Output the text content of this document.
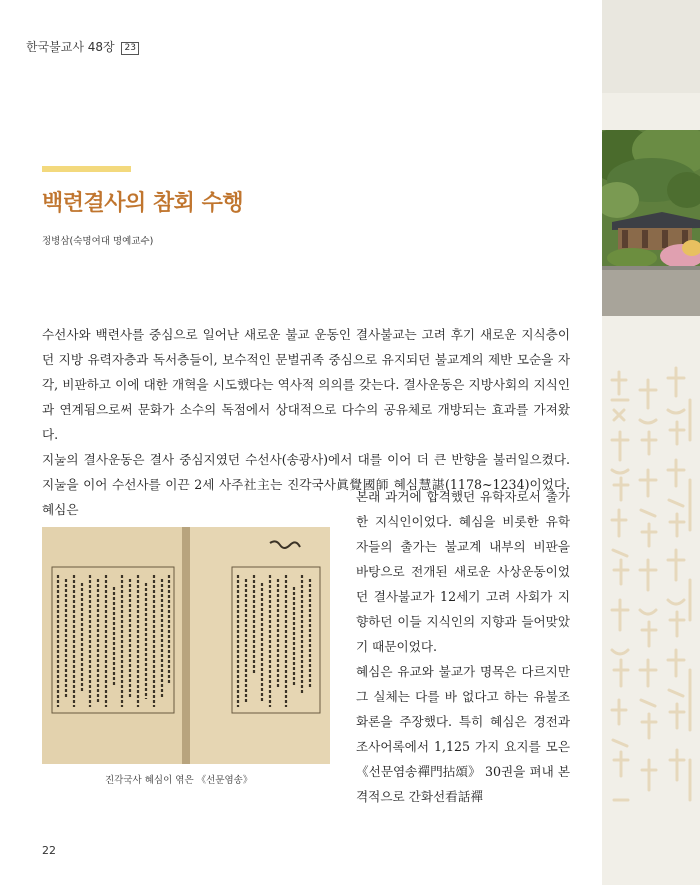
한국불교사 48장 23
백련결사의 참회 수행
정병삼(숙명여대 명예교수)

수선사와 백련사를 중심으로 일어난 새로운 불교 운동인 결사불교는 고려 후기 새로운 지식층이던 지방 유력자층과 독서층들이, 보수적인 문벌귀족 중심으로 유지되던 불교계의 제반 모순을 자각, 비판하고 이에 대한 개혁을 시도했다는 역사적 의의를 갖는다. 결사운동은 지방사회의 지식인과 연계됨으로써 문화가 소수의 독점에서 상대적으로 다수의 공유체로 개방되는 효과를 가져왔다.

지눌의 결사운동은 결사 중심지였던 수선사(송광사)에서 대를 이어 더 큰 반향을 불러일으켰다. 지눌을 이어 수선사를 이끈 2세 사주社主는 진각국사眞覺國師 혜심慧諶(1178~1234)이었다. 혜심은

본래 과거에 합격했던 유학자로서 출가한 지식인이었다. 혜심을 비롯한 유학자들의 출가는 불교계 내부의 비판을 바탕으로 전개된 새로운 사상운동이었던 결사불교가 12세기 고려 사회가 지향하던 이들 지식인의 지향과 들어맞았기 때문이었다.

혜심은 유교와 불교가 명목은 다르지만 그 실체는 다를 바 없다고 하는 유불조화론을 주장했다. 특히 혜심은 경전과 조사어록에서 1,125 가지 요지를 모은 《선문염송禪門拈頌》 30권을 펴내 본격적으로 간화선看話禪

진각국사 혜심이 엮은 《선문염송》
22
